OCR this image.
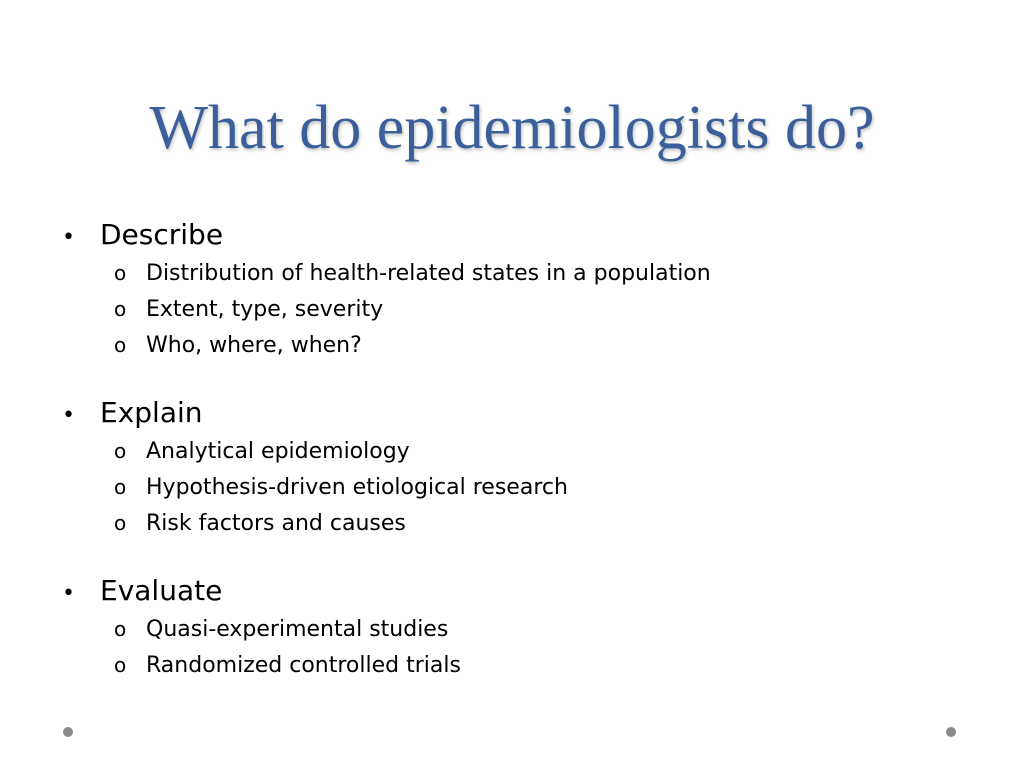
What do epidemiologists do?
• Describe
o Distribution of health-related states in a population
o Extent, type, severity
o Who, where, when?
• Explain
o Analytical epidemiology
o Hypothesis-driven etiological research
o Risk factors and causes
• Evaluate
o Quasi-experimental studies
o Randomized controlled trials
